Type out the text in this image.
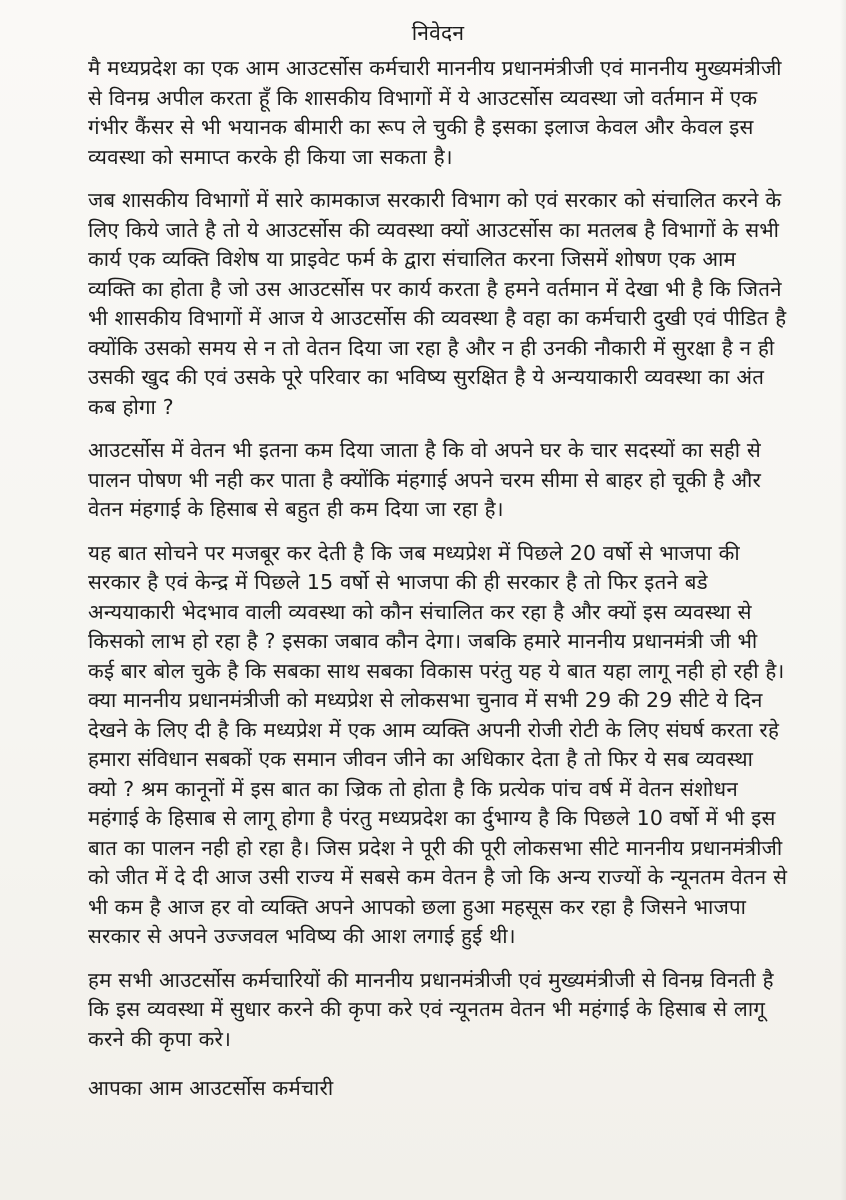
निवेदन

मै मध्यप्रदेश का एक आम आउटर्सोस कर्मचारी माननीय प्रधानमंत्रीजी एवं माननीय मुख्यमंत्रीजी से विनम्र अपील करता हूँ कि शासकीय विभागों में ये आउटर्सोस व्यवस्था जो वर्तमान में एक गंभीर कैंसर से भी भयानक बीमारी का रूप ले चुकी है इसका इलाज केवल और केवल इस व्यवस्था को समाप्त करके ही किया जा सकता है।

जब शासकीय विभागों में सारे कामकाज सरकारी विभाग को एवं सरकार को संचालित करने के लिए किये जाते है तो ये आउटर्सोस की व्यवस्था क्यों आउटर्सोस का मतलब है विभागों के सभी कार्य एक व्यक्ति विशेष या प्राइवेट फर्म के द्वारा संचालित करना जिसमें शोषण एक आम व्यक्ति का होता है जो उस आउटर्सोस पर कार्य करता है हमने वर्तमान में देखा भी है कि जितने भी शासकीय विभागों में आज ये आउटर्सोस की व्यवस्था है वहा का कर्मचारी दुखी एवं पीडित है क्योंकि उसको समय से न तो वेतन दिया जा रहा है और न ही उनकी नौकारी में सुरक्षा है न ही उसकी खुद की एवं उसके पूरे परिवार का भविष्य सुरक्षित है ये अन्ययाकारी व्यवस्था का अंत कब होगा ?

आउटर्सोस में वेतन भी इतना कम दिया जाता है कि वो अपने घर के चार सदस्यों का सही से पालन पोषण भी नही कर पाता है क्योंकि मंहगाई अपने चरम सीमा से बाहर हो चूकी है और वेतन मंहगाई के हिसाब से बहुत ही कम दिया जा रहा है।

यह बात सोचने पर मजबूर कर देती है कि जब मध्यप्रेश में पिछले 20 वर्षो से भाजपा की सरकार है एवं केन्द्र में पिछले 15 वर्षो से भाजपा की ही सरकार है तो फिर इतने बडे अन्ययाकारी भेदभाव वाली व्यवस्था को कौन संचालित कर रहा है और क्यों इस व्यवस्था से किसको लाभ हो रहा है ? इसका जबाव कौन देगा। जबकि हमारे माननीय प्रधानमंत्री जी भी कई बार बोल चुके है कि सबका साथ सबका विकास परंतु यह ये बात यहा लागू नही हो रही है। क्या माननीय प्रधानमंत्रीजी को मध्यप्रेश से लोकसभा चुनाव में सभी 29 की 29 सीटे ये दिन देखने के लिए दी है कि मध्यप्रेश में एक आम व्यक्ति अपनी रोजी रोटी के लिए संघर्ष करता रहे हमारा संविधान सबकों एक समान जीवन जीने का अधिकार देता है तो फिर ये सब व्यवस्था क्यो ? श्रम कानूनों में इस बात का ज्रिक तो होता है कि प्रत्येक पांच वर्ष में वेतन संशोधन महंगाई के हिसाब से लागू होगा है पंरतु मध्यप्रदेश का र्दुभाग्य है कि पिछले 10 वर्षो में भी इस बात का पालन नही हो रहा है। जिस प्रदेश ने पूरी की पूरी लोकसभा सीटे माननीय प्रधानमंत्रीजी को जीत में दे दी आज उसी राज्य में सबसे कम वेतन है जो कि अन्य राज्यों के न्यूनतम वेतन से भी कम है आज हर वो व्यक्ति अपने आपको छला हुआ महसूस कर रहा है जिसने भाजपा सरकार से अपने उज्जवल भविष्य की आश लगाई हुई थी।

हम सभी आउटर्सोस कर्मचारियों की माननीय प्रधानमंत्रीजी एवं मुख्यमंत्रीजी से विनम्र विनती है कि इस व्यवस्था में सुधार करने की कृपा करे एवं न्यूनतम वेतन भी महंगाई के हिसाब से लागू करने की कृपा करे।

आपका आम आउटर्सोस कर्मचारी
